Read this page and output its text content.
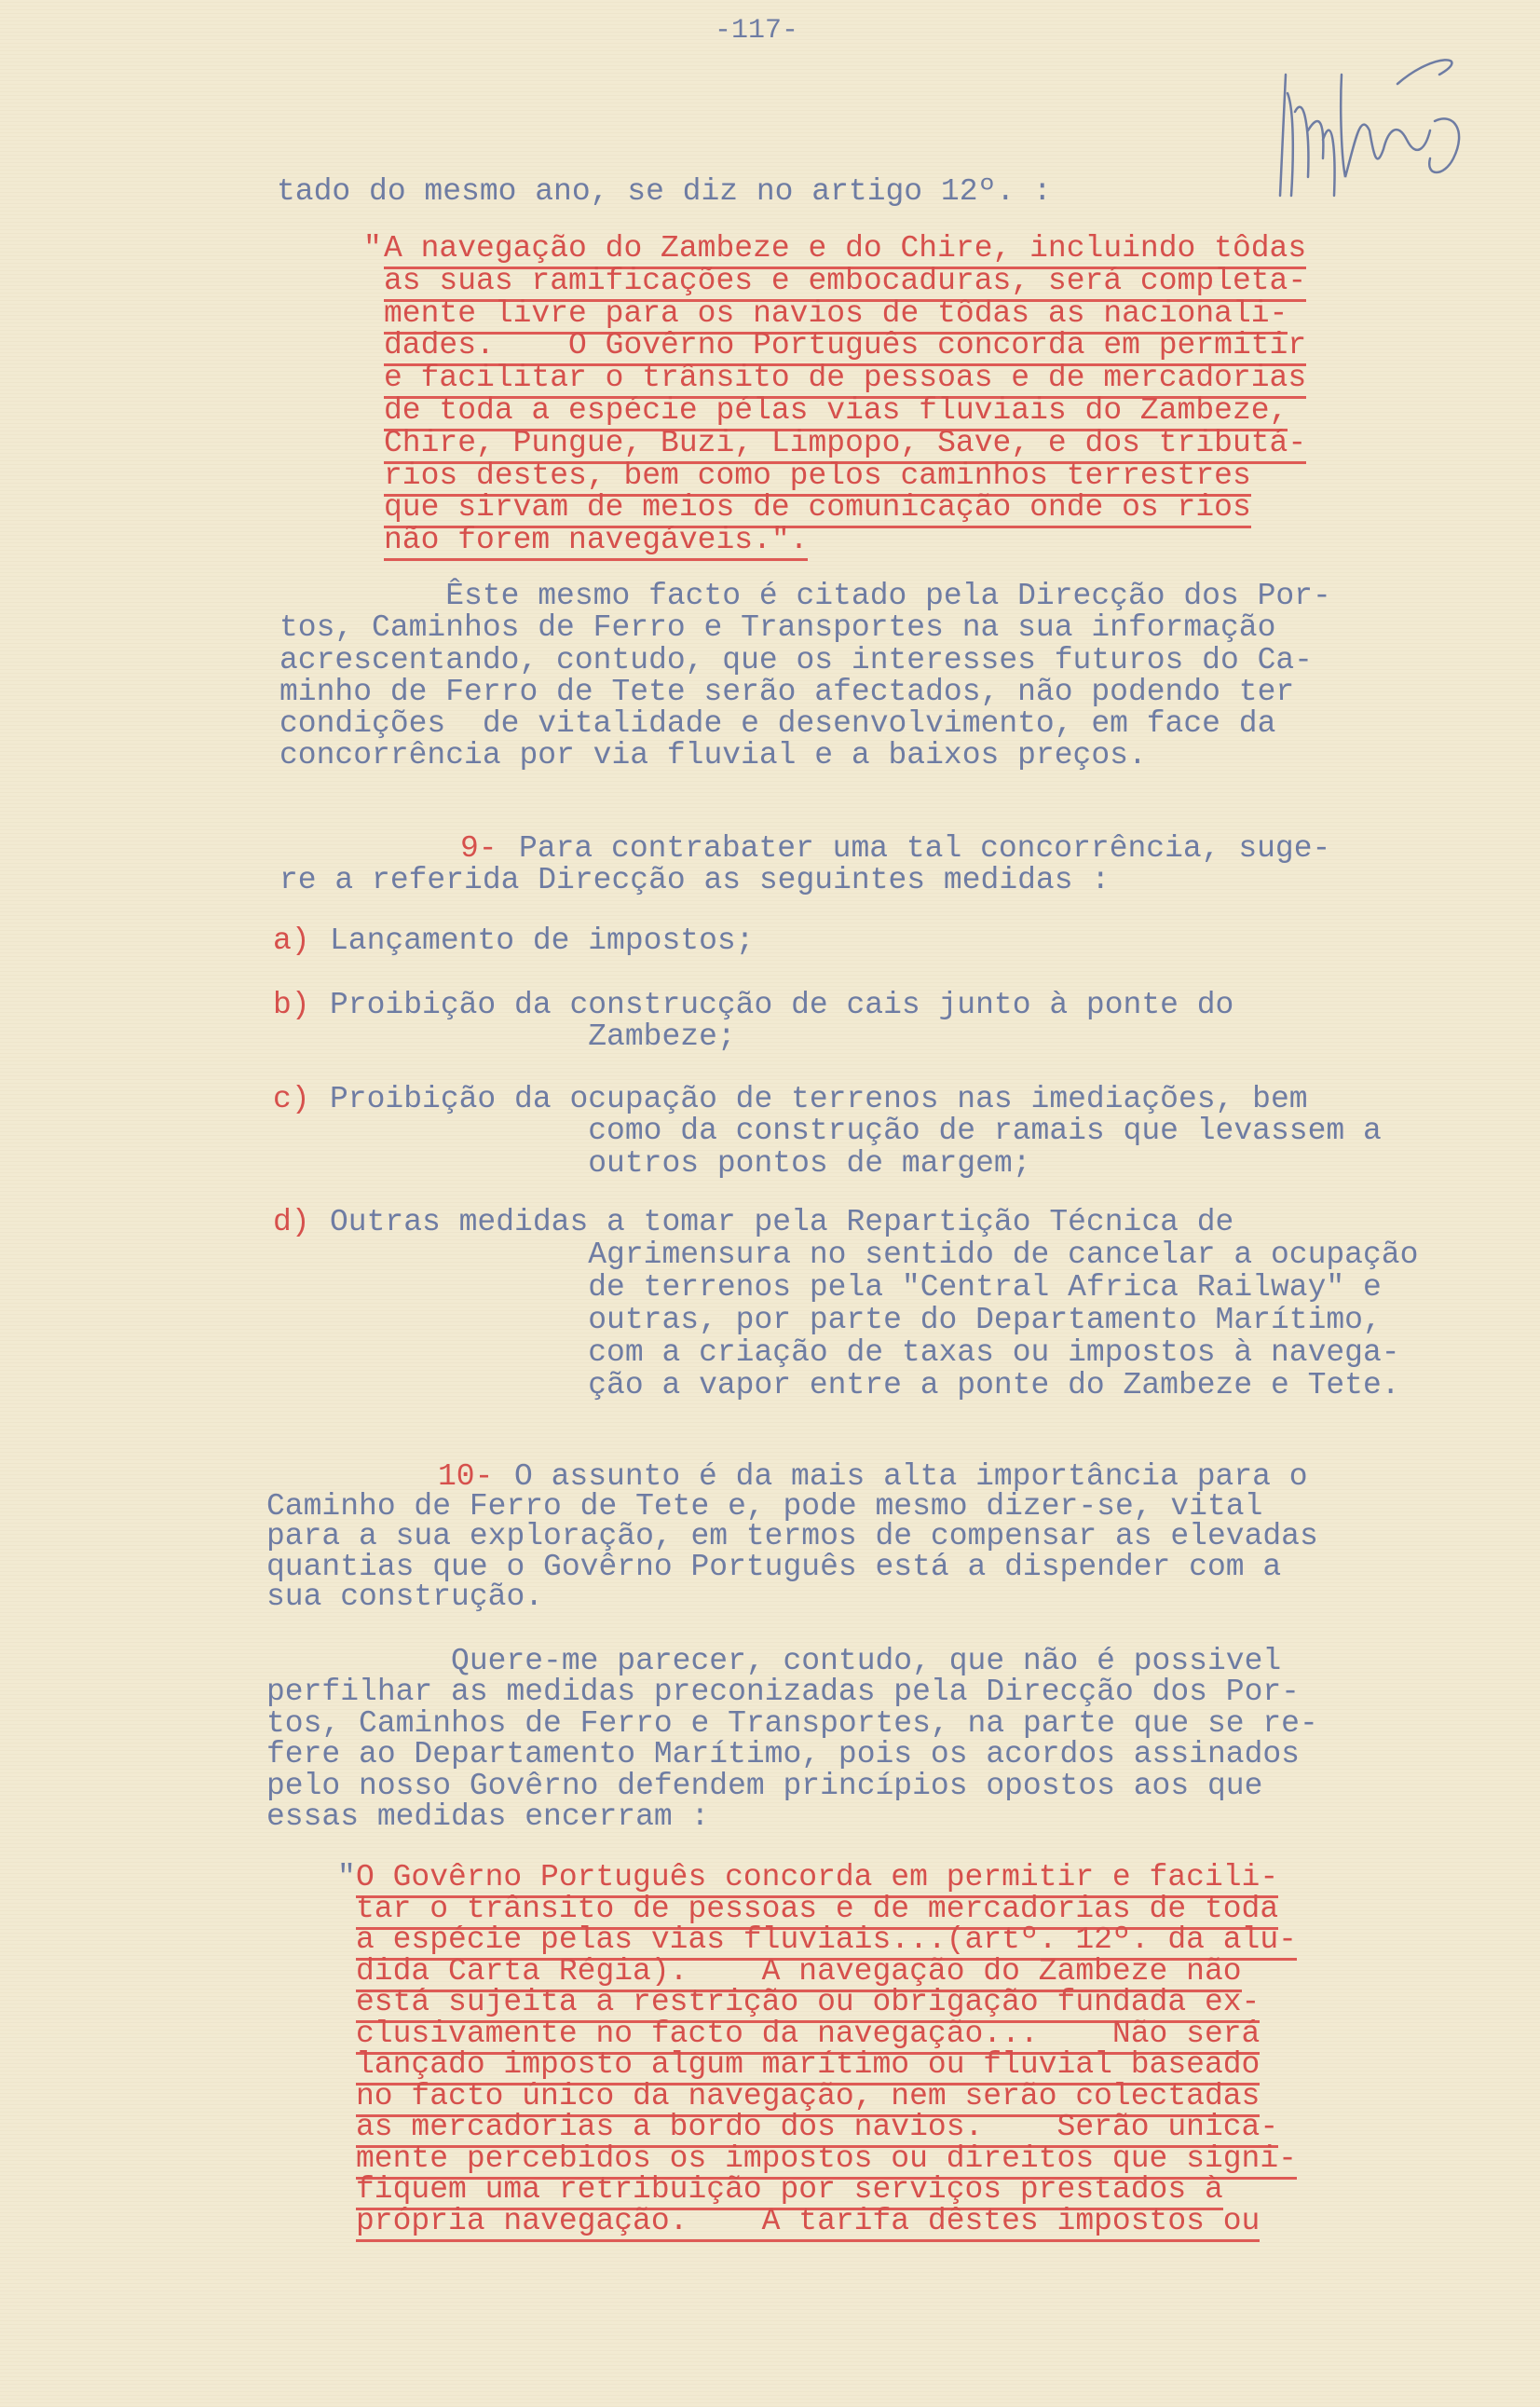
-117-
tado do mesmo ano, se diz no artigo 12º. :
" A navegação do Zambeze e do Chire, incluindo tôdas
as suas ramificações e embocaduras, será completa-
mente livre para os navios de tôdas as nacionali-
dades.    O Govêrno Português concorda em permitir
e facilitar o trânsito de pessoas e de mercadorias
de toda a espécie pélas vias fluviais do Zambeze,
Chire, Pungue, Buzi, Limpopo, Save, e dos tributá-
rios destes, bem como pelos caminhos terrestres
que sirvam de meios de comunicação onde os rios
não forem navegáveis.".
Êste mesmo facto é citado pela Direcção dos Por-
tos, Caminhos de Ferro e Transportes na sua informação
acrescentando, contudo, que os interesses futuros do Ca-
minho de Ferro de Tete serão afectados, não podendo ter
condições  de vitalidade e desenvolvimento, em face da
concorrência por via fluvial e a baixos preços.
9- Para contrabater uma tal concorrência, suge-
re a referida Direcção as seguintes medidas :
a) Lançamento de impostos;
b) Proibição da construcção de cais junto à ponte do
Zambeze;
c) Proibição da ocupação de terrenos nas imediações, bem
como da construção de ramais que levassem a
outros pontos de margem;
d) Outras medidas a tomar pela Repartição Técnica de
Agrimensura no sentido de cancelar a ocupação
de terrenos pela "Central Africa Railway" e
outras, por parte do Departamento Marítimo,
com a criação de taxas ou impostos à navega-
ção a vapor entre a ponte do Zambeze e Tete.
10- O assunto é da mais alta importância para o
Caminho de Ferro de Tete e, pode mesmo dizer-se, vital
para a sua exploração, em termos de compensar as elevadas
quantias que o Govêrno Português está a dispender com a
sua construção.
Quere-me parecer, contudo, que não é possivel
perfilhar as medidas preconizadas pela Direcção dos Por-
tos, Caminhos de Ferro e Transportes, na parte que se re-
fere ao Departamento Marítimo, pois os acordos assinados
pelo nosso Govêrno defendem princípios opostos aos que
essas medidas encerram :
" O Govêrno Português concorda em permitir e facili-
tar o trânsito de pessoas e de mercadorias de toda
a espécie pelas vias fluviais...(artº. 12º. da alu-
dida Carta Régia).    A navegação do Zambeze não
está sujeita a restrição ou obrigação fundada ex-
clusivamente no facto da navegação...    Não será
lançado imposto algum marítimo ou fluvial baseado
no facto único da navegação, nem serão colectadas
as mercadorias a bordo dos navios.    Serão unica-
mente percebidos os impostos ou direitos que signi-
fiquem uma retribuição por serviços prestados à
própria navegação.    A tarifa dêstes impostos ou
